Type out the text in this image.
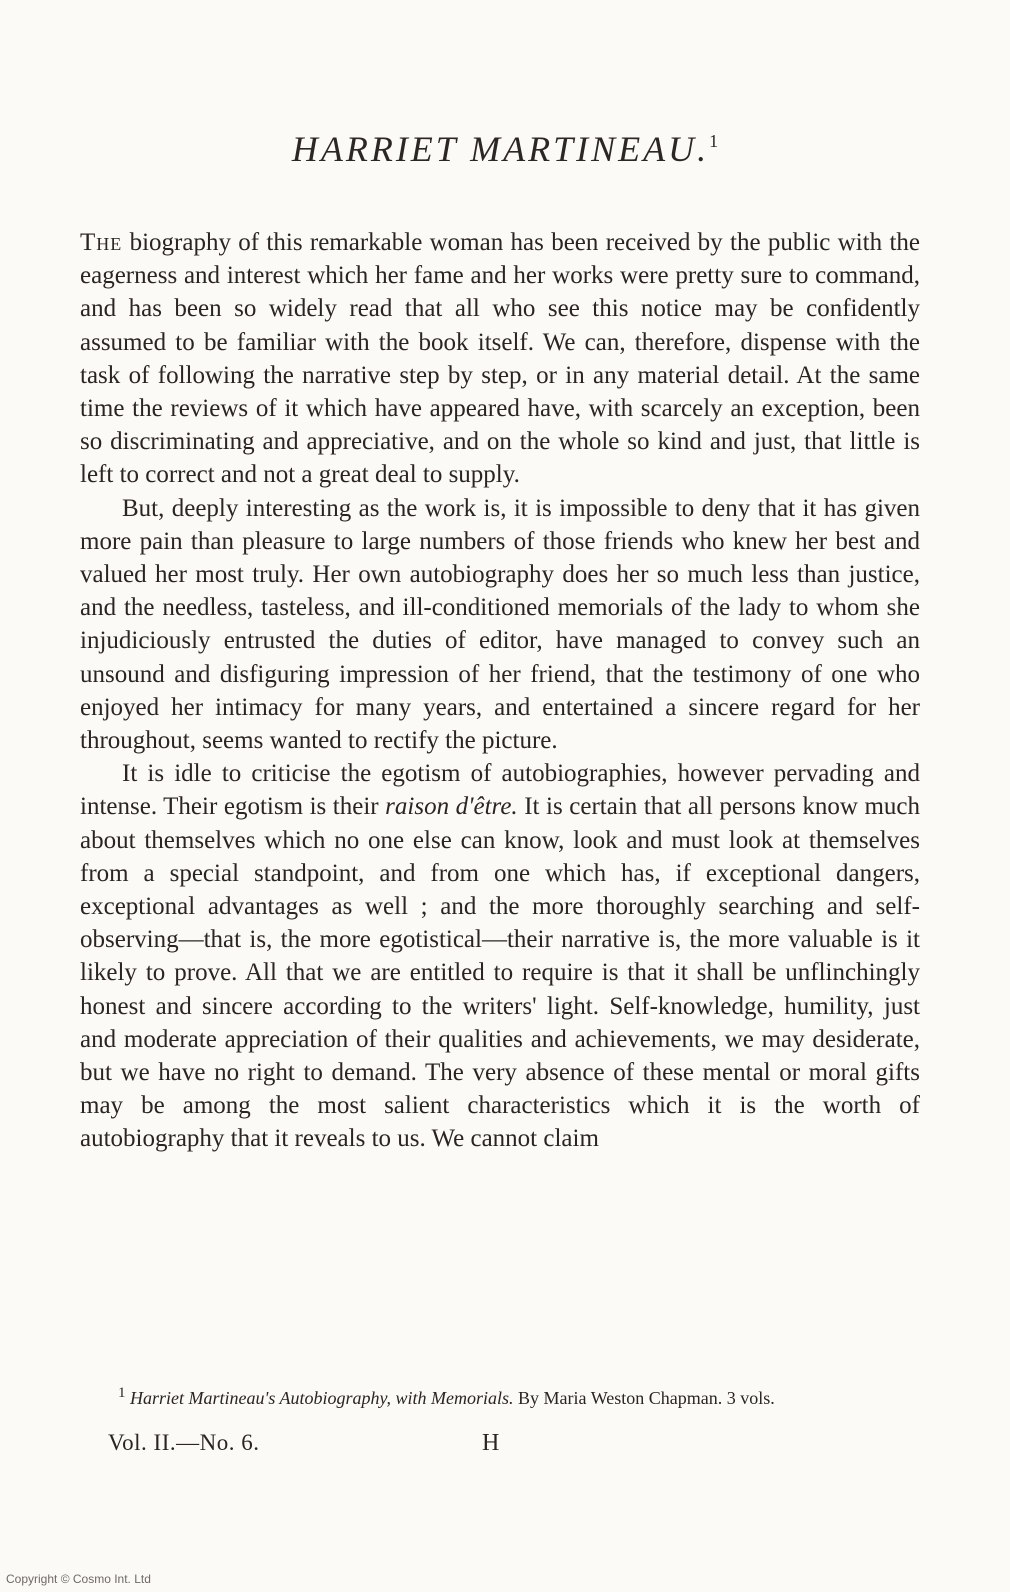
HARRIET MARTINEAU.$^1$

The biography of this remarkable woman has been received by the public with the eagerness and interest which her fame and her works were pretty sure to command, and has been so widely read that all who see this notice may be confidently assumed to be familiar with the book itself. We can, therefore, dispense with the task of following the narrative step by step, or in any material detail. At the same time the reviews of it which have appeared have, with scarcely an exception, been so discriminating and appreciative, and on the whole so kind and just, that little is left to correct and not a great deal to supply.

But, deeply interesting as the work is, it is impossible to deny that it has given more pain than pleasure to large numbers of those friends who knew her best and valued her most truly. Her own autobiography does her so much less than justice, and the needless, tasteless, and ill-conditioned memorials of the lady to whom she injudiciously entrusted the duties of editor, have managed to convey such an unsound and disfiguring impression of her friend, that the testimony of one who enjoyed her intimacy for many years, and entertained a sincere regard for her throughout, seems wanted to rectify the picture.

It is idle to criticise the egotism of autobiographies, however pervading and intense. Their egotism is their raison d'être. It is certain that all persons know much about themselves which no one else can know, look and must look at themselves from a special standpoint, and from one which has, if exceptional dangers, exceptional advantages as well ; and the more thoroughly searching and self-observing—that is, the more egotistical—their narrative is, the more valuable is it likely to prove. All that we are entitled to require is that it shall be unflinchingly honest and sincere according to the writers' light. Self-knowledge, humility, just and moderate appreciation of their qualities and achievements, we may desiderate, but we have no right to demand. The very absence of these mental or moral gifts may be among the most salient characteristics which it is the worth of autobiography that it reveals to us. We cannot claim

$^1$ Harriet Martineau's Autobiography, with Memorials. By Maria Weston Chapman. 3 vols.
Vol. II.—No. 6.	H
Copyright © Cosmo Int. Ltd
